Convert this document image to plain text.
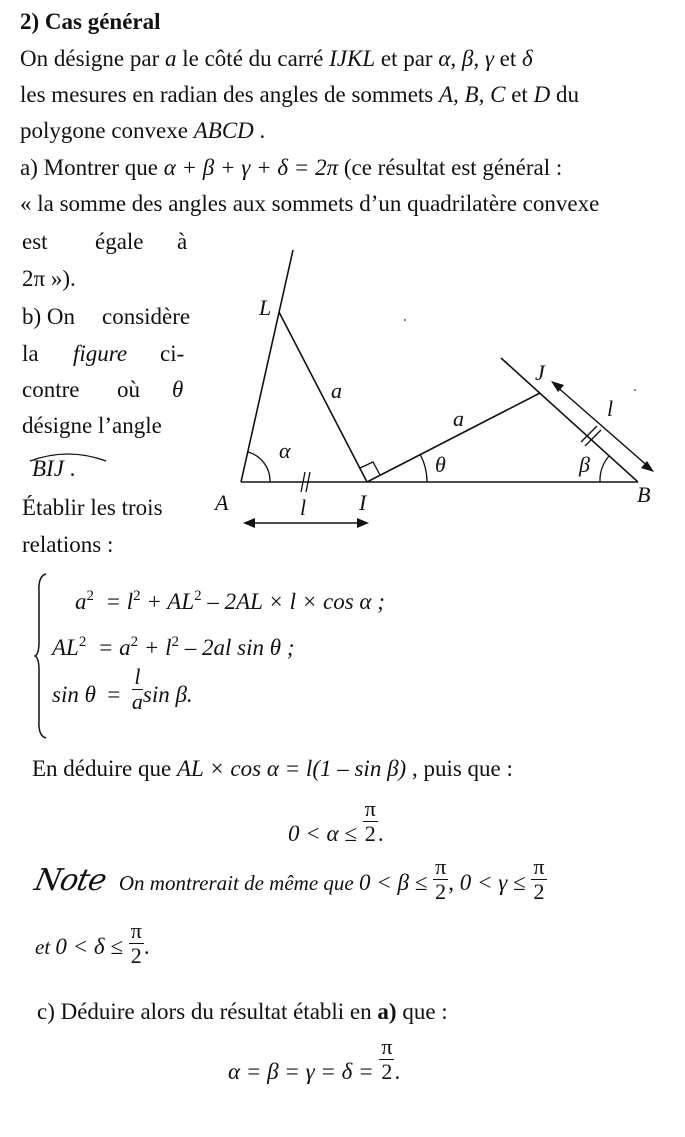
2) Cas général
On désigne par a le côté du carré IJKL et par α, β, γ et δ
les mesures en radian des angles de sommets A, B, C et D du
polygone convexe ABCD .
a) Montrer que α + β + γ + δ = 2π (ce résultat est général :
« la somme des angles aux sommets d’un quadrilatère convexe
est égale à
2π »).
b) On considère
la figure ci-
contre où θ
désigne l’angle
BIJ .
Établir les trois
relations :
L
A	I
J
B
a
a
α
θ	β
l
l
$a^2 = l^2 + AL^2 - 2AL \times l \times \cos \alpha$ ;
$AL^2 = a^2 + l^2 - 2al$ sin θ ;
$\sin \theta = \frac{l}{a}$ sin β.
En déduire que AL × cos α = l(1 – sin β) , puis que :
$0 < \alpha \le \frac{\pi}{2}$ .
Note On montrerait de même que $0 < \beta \le \frac{\pi}{2}$ , $0 < \gamma \le \frac{\pi}{2}$
et $0 < \delta \le \frac{\pi}{2}$ .
c) Déduire alors du résultat établi en a) que :
$\alpha = \beta = \gamma = \delta = \frac{\pi}{2}$ .
